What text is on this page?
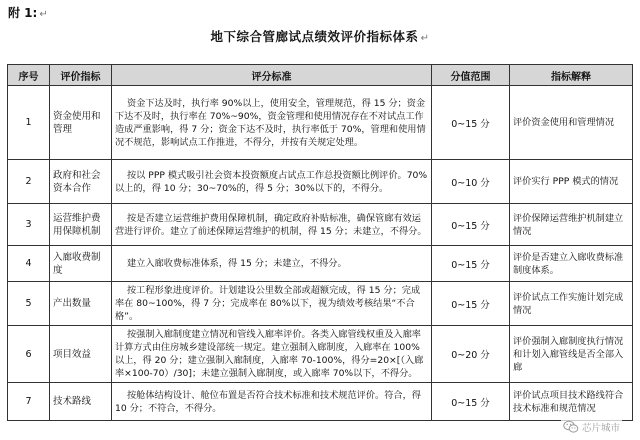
附 1: ↵
地下综合管廊试点绩效评价指标体系 ↵
序号	评价指标	评分标准	分值范围	指标解释
1	资金使用和管理	资金下达及时，执行率 90%以上，使用安全，管理规范，得 15 分；资金下达不及时，执行率在 70%~90%，资金管理和使用情况存在不对试点工作造成严重影响，得 7 分；资金下达不及时，执行率低于 70%，管理和使用情况不规范，影响试点工作推进，不得分，并按有关规定处理。	0~15 分	评价资金使用和管理情况
2	政府和社会资本合作	按以 PPP 模式吸引社会资本投资额度占试点工作总投资额比例评价。70% 以上的，得 10 分；30~70%的，得 5 分；30%以下的，不得分。	0~10 分	评价实行 PPP 模式的情况
3	运营维护费用保障机制	按是否建立运营维护费用保障机制，确定政府补贴标准，确保管廊有效运营进行评价。建立了前述保障运营维护的机制，得 15 分；未建立，不得分。	0~15 分	评价保障运营维护机制建立情况
4	入廊收费制度	建立入廊收费标准体系，得 15 分；未建立，不得分。	0~15 分	评价是否建立入廊收费标准制度体系。
5	产出数量	按工程形象进度评价。计划建设公里数全部或超额完成，得 15 分；完成率在 80~100%，得 7 分；完成率在 80%以下，视为绩效考核结果“不合格”。	0~15 分	评价试点工作实施计划完成情况
6	项目效益	按强制入廊制度建立情况和管线入廊率评价。各类入廊管线权重及入廊率计算方式由住房城乡建设部统一规定。建立强制入廊制度，入廊率在 100% 以上，得 20 分；建立强制入廊制度，入廊率 70-100%，得分=20×[（入廊率×100-70）/30]；未建立强制入廊制度，或入廊率 70%以下，不得分。	0~20 分	评价强制入廊制度执行情况和计划入廊管线是否全部入廊
7	技术路线	按舱体结构设计、舱位布置是否符合技术标准和技术规范评价。符合，得 10 分；不符合，不得分。	0~15 分	评价试点项目技术路线符合技术标准和规范情况
芯片城市
